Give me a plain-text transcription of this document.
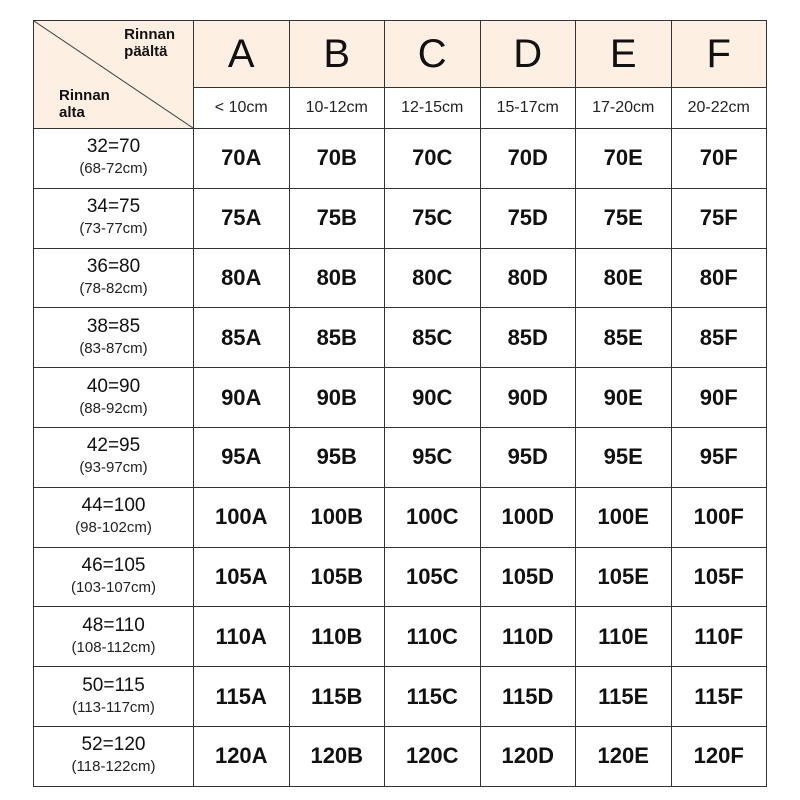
Rinnan
päältä
Rinnan
alta	A	B	C	D	E	F
	< 10cm	10-12cm	12-15cm	15-17cm	17-20cm	20-22cm

32=70
(68-72cm)	70A	70B	70C	70D	70E	70F

34=75
(73-77cm)	75A	75B	75C	75D	75E	75F

36=80
(78-82cm)	80A	80B	80C	80D	80E	80F

38=85
(83-87cm)	85A	85B	85C	85D	85E	85F

40=90
(88-92cm)	90A	90B	90C	90D	90E	90F

42=95
(93-97cm)	95A	95B	95C	95D	95E	95F

44=100
(98-102cm)	100A	100B	100C	100D	100E	100F

46=105
(103-107cm)	105A	105B	105C	105D	105E	105F

48=110
(108-112cm)	110A	110B	110C	110D	110E	110F

50=115
(113-117cm)	115A	115B	115C	115D	115E	115F

52=120
(118-122cm)	120A	120B	120C	120D	120E	120F
